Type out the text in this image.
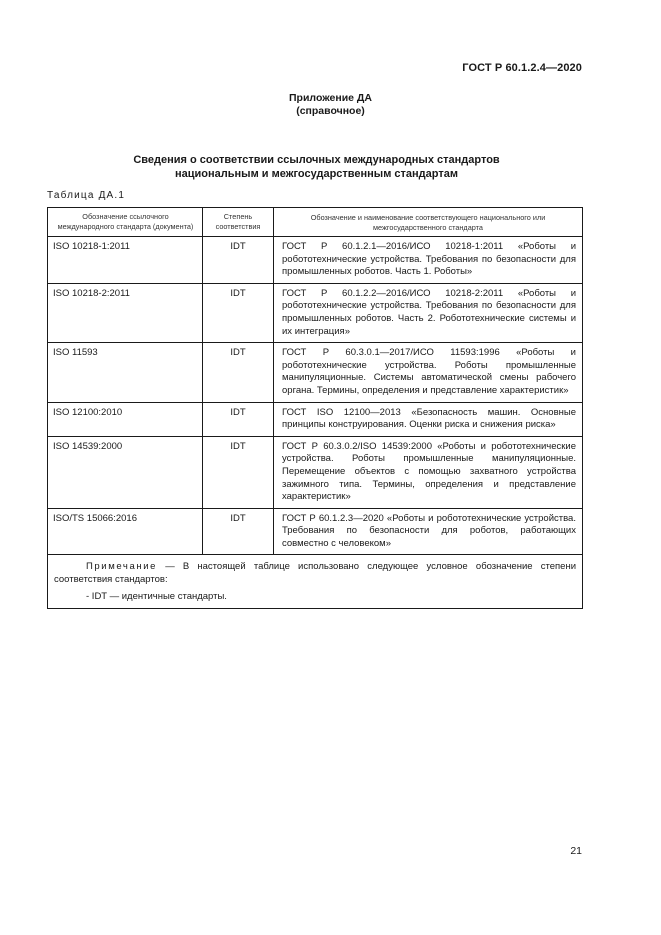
ГОСТ Р 60.1.2.4—2020
Приложение ДА
(справочное)
Сведения о соответствии ссылочных международных стандартов
национальным и межгосударственным стандартам
Таблица ДА.1
Обозначение ссылочного международного стандарта (документа)	Степень соответствия	Обозначение и наименование соответствующего национального или межгосударственного стандарта
ISO 10218-1:2011	IDT	ГОСТ Р 60.1.2.1—2016/ИСО 10218-1:2011 «Роботы и робототехнические устройства. Требования по безопасности для промышленных роботов. Часть 1. Роботы»
ISO 10218-2:2011	IDT	ГОСТ Р 60.1.2.2—2016/ИСО 10218-2:2011 «Роботы и робототехнические устройства. Требования по безопасности для промышленных роботов. Часть 2. Робототехнические системы и их интеграция»
ISO 11593	IDT	ГОСТ Р 60.3.0.1—2017/ИСО 11593:1996 «Роботы и робототехнические устройства. Роботы промышленные манипуляционные. Системы автоматической смены рабочего органа. Термины, определения и представление характеристик»
ISO 12100:2010	IDT	ГОСТ ISO 12100—2013 «Безопасность машин. Основные принципы конструирования. Оценки риска и снижения риска»
ISO 14539:2000	IDT	ГОСТ Р 60.3.0.2/ISO 14539:2000 «Роботы и робототехнические устройства. Роботы промышленные манипуляционные. Перемещение объектов с помощью захватного устройства зажимного типа. Термины, определения и представление характеристик»
ISO/TS 15066:2016	IDT	ГОСТ Р 60.1.2.3—2020 «Роботы и робототехнические устройства. Требования по безопасности для роботов, работающих совместно с человеком»

Примечание — В настоящей таблице использовано следующее условное обозначение степени соответствия стандартов:

- IDT — идентичные стандарты.		
21
